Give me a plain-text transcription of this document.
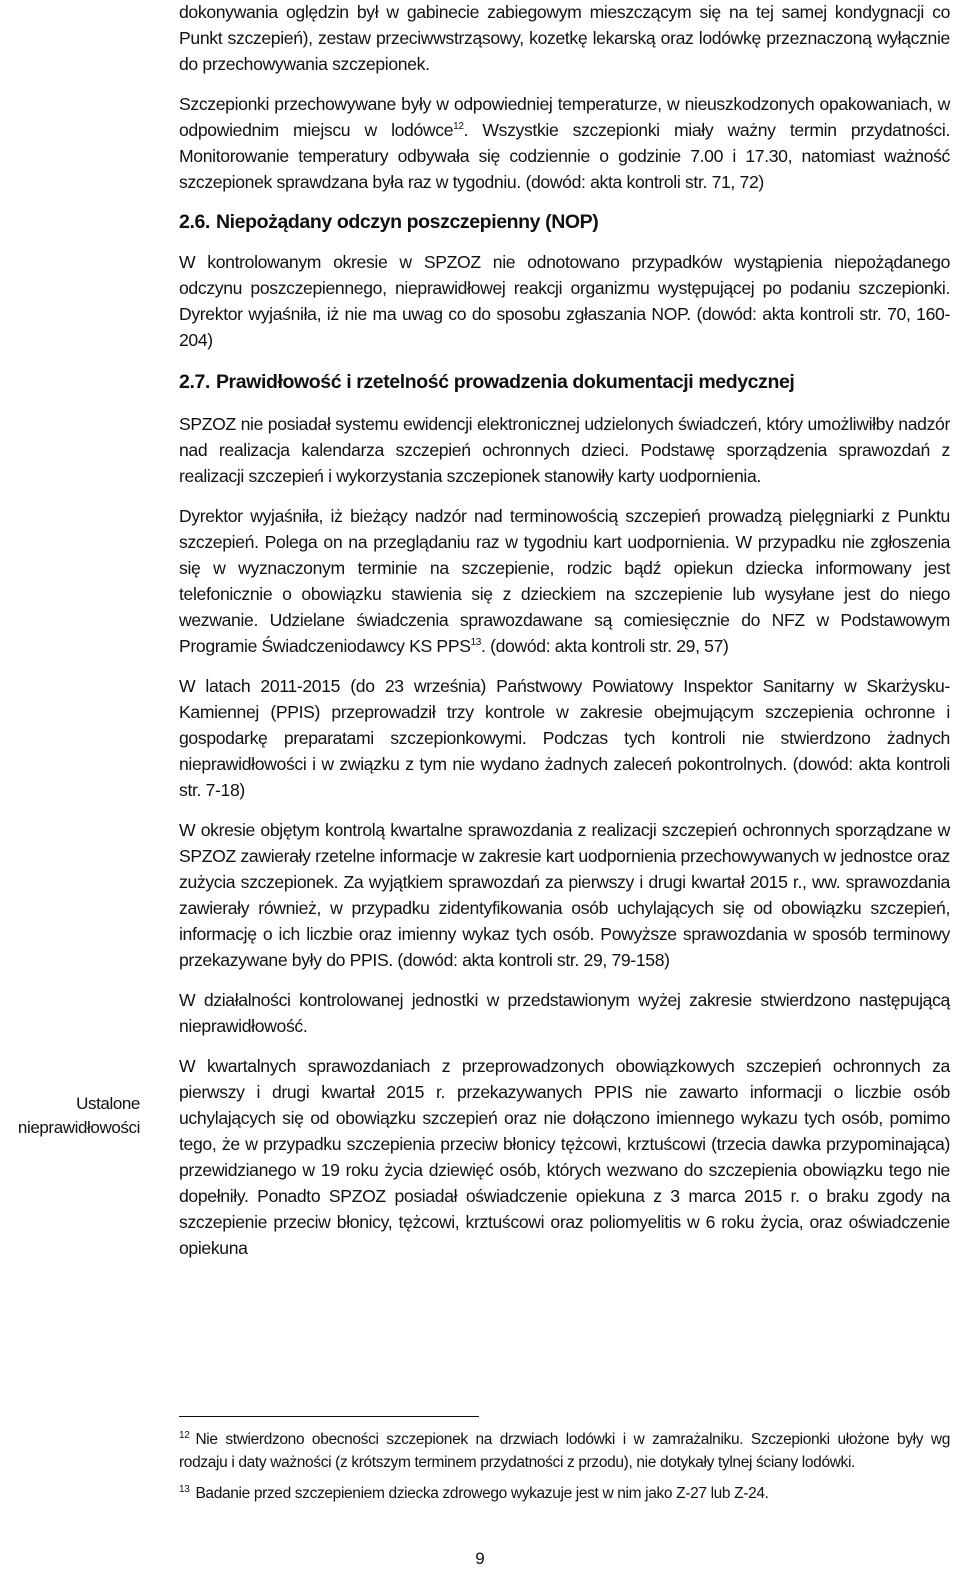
Ustalone
nieprawidłowości

dokonywania oględzin był w gabinecie zabiegowym mieszczącym się na tej samej kondygnacji co Punkt szczepień), zestaw przeciwwstrząsowy, kozetkę lekarską oraz lodówkę przeznaczoną wyłącznie do przechowywania szczepionek.

Szczepionki przechowywane były w odpowiedniej temperaturze, w nieuszkodzonych opakowaniach, w odpowiednim miejscu w lodówce$^{12}$. Wszystkie szczepionki miały ważny termin przydatności. Monitorowanie temperatury odbywała się codziennie o godzinie 7.00 i 17.30, natomiast ważność szczepionek sprawdzana była raz w tygodniu. (dowód: akta kontroli str. 71, 72)

2.6. Niepożądany odczyn poszczepienny (NOP)

W kontrolowanym okresie w SPZOZ nie odnotowano przypadków wystąpienia niepożądanego odczynu poszczepiennego, nieprawidłowej reakcji organizmu występującej po podaniu szczepionki. Dyrektor wyjaśniła, iż nie ma uwag co do sposobu zgłaszania NOP. (dowód: akta kontroli str. 70, 160-204)

2.7. Prawidłowość i rzetelność prowadzenia dokumentacji medycznej

SPZOZ nie posiadał systemu ewidencji elektronicznej udzielonych świadczeń, który umożliwiłby nadzór nad realizacja kalendarza szczepień ochronnych dzieci. Podstawę sporządzenia sprawozdań z realizacji szczepień i wykorzystania szczepionek stanowiły karty uodpornienia.

Dyrektor wyjaśniła, iż bieżący nadzór nad terminowością szczepień prowadzą pielęgniarki z Punktu szczepień. Polega on na przeglądaniu raz w tygodniu kart uodpornienia. W przypadku nie zgłoszenia się w wyznaczonym terminie na szczepienie, rodzic bądź opiekun dziecka informowany jest telefonicznie o obowiązku stawienia się z dzieckiem na szczepienie lub wysyłane jest do niego wezwanie. Udzielane świadczenia sprawozdawane są comiesięcznie do NFZ w Podstawowym Programie Świadczeniodawcy KS PPS$^{13}$. (dowód: akta kontroli str. 29, 57)

W latach 2011-2015 (do 23 września) Państwowy Powiatowy Inspektor Sanitarny w Skarżysku-Kamiennej (PPIS) przeprowadził trzy kontrole w zakresie obejmującym szczepienia ochronne i gospodarkę preparatami szczepionkowymi. Podczas tych kontroli nie stwierdzono żadnych nieprawidłowości i w związku z tym nie wydano żadnych zaleceń pokontrolnych. (dowód: akta kontroli str. 7-18)

W okresie objętym kontrolą kwartalne sprawozdania z realizacji szczepień ochronnych sporządzane w SPZOZ zawierały rzetelne informacje w zakresie kart uodpornienia przechowywanych w jednostce oraz zużycia szczepionek. Za wyjątkiem sprawozdań za pierwszy i drugi kwartał 2015 r., ww. sprawozdania zawierały również, w przypadku zidentyfikowania osób uchylających się od obowiązku szczepień, informację o ich liczbie oraz imienny wykaz tych osób. Powyższe sprawozdania w sposób terminowy przekazywane były do PPIS. (dowód: akta kontroli str. 29, 79-158)

W działalności kontrolowanej jednostki w przedstawionym wyżej zakresie stwierdzono następującą nieprawidłowość.

W kwartalnych sprawozdaniach z przeprowadzonych obowiązkowych szczepień ochronnych za pierwszy i drugi kwartał 2015 r. przekazywanych PPIS nie zawarto informacji o liczbie osób uchylających się od obowiązku szczepień oraz nie dołączono imiennego wykazu tych osób, pomimo tego, że w przypadku szczepienia przeciw błonicy tężcowi, krztuścowi (trzecia dawka przypominająca) przewidzianego w 19 roku życia dziewięć osób, których wezwano do szczepienia obowiązku tego nie dopełniły. Ponadto SPZOZ posiadał oświadczenie opiekuna z 3 marca 2015 r. o braku zgody na szczepienie przeciw błonicy, tężcowi, krztuścowi oraz poliomyelitis w 6 roku życia, oraz oświadczenie opiekuna

$^{12}$ Nie stwierdzono obecności szczepionek na drzwiach lodówki i w zamrażalniku. Szczepionki ułożone były wg rodzaju i daty ważności (z krótszym terminem przydatności z przodu), nie dotykały tylnej ściany lodówki.

$^{13}$ Badanie przed szczepieniem dziecka zdrowego wykazuje jest w nim jako Z-27 lub Z-24.

9
